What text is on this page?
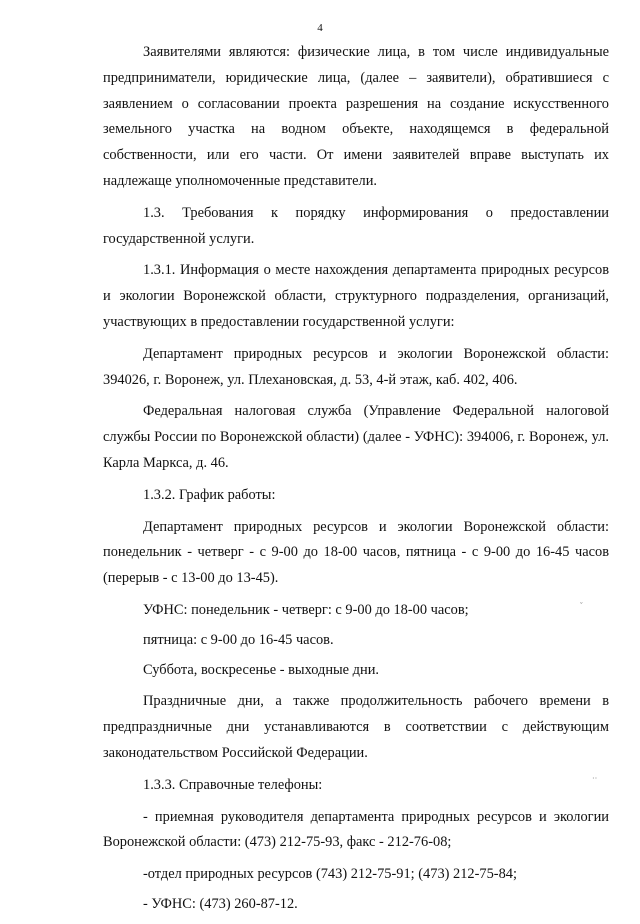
4

Заявителями являются: физические лица, в том числе индивидуальные предприниматели, юридические лица, (далее – заявители), обратившиеся с заявлением о согласовании проекта разрешения на создание искусственного земельного участка на водном объекте, находящемся в федеральной собственности, или его части. От имени заявителей вправе выступать их надлежаще уполномоченные представители.

1.3. Требования к порядку информирования о предоставлении государственной услуги.

1.3.1. Информация о месте нахождения департамента природных ресурсов и экологии Воронежской области, структурного подразделения, организаций, участвующих в предоставлении государственной услуги:

Департамент природных ресурсов и экологии Воронежской области: 394026, г. Воронеж, ул. Плехановская, д. 53, 4-й этаж, каб. 402, 406.

Федеральная налоговая служба (Управление Федеральной налоговой службы России по Воронежской области) (далее - УФНС): 394006, г. Воронеж, ул. Карла Маркса, д. 46.

1.3.2. График работы:

Департамент природных ресурсов и экологии Воронежской области: понедельник - четверг - с 9-00 до 18-00 часов, пятница - с 9-00 до 16-45 часов (перерыв - с 13-00 до 13-45).

УФНС: понедельник - четверг: с 9-00 до 18-00 часов;

пятница: с 9-00 до 16-45 часов.

Суббота, воскресенье - выходные дни.

Праздничные дни, а также продолжительность рабочего времени в предпраздничные дни устанавливаются в соответствии с действующим законодательством Российской Федерации.

1.3.3. Справочные телефоны:

- приемная руководителя департамента природных ресурсов и экологии Воронежской области: (473) 212-75-93, факс - 212-76-08;

-отдел природных ресурсов (743) 212-75-91; (473) 212-75-84;

- УФНС: (473) 260-87-12.

ˇ
··
